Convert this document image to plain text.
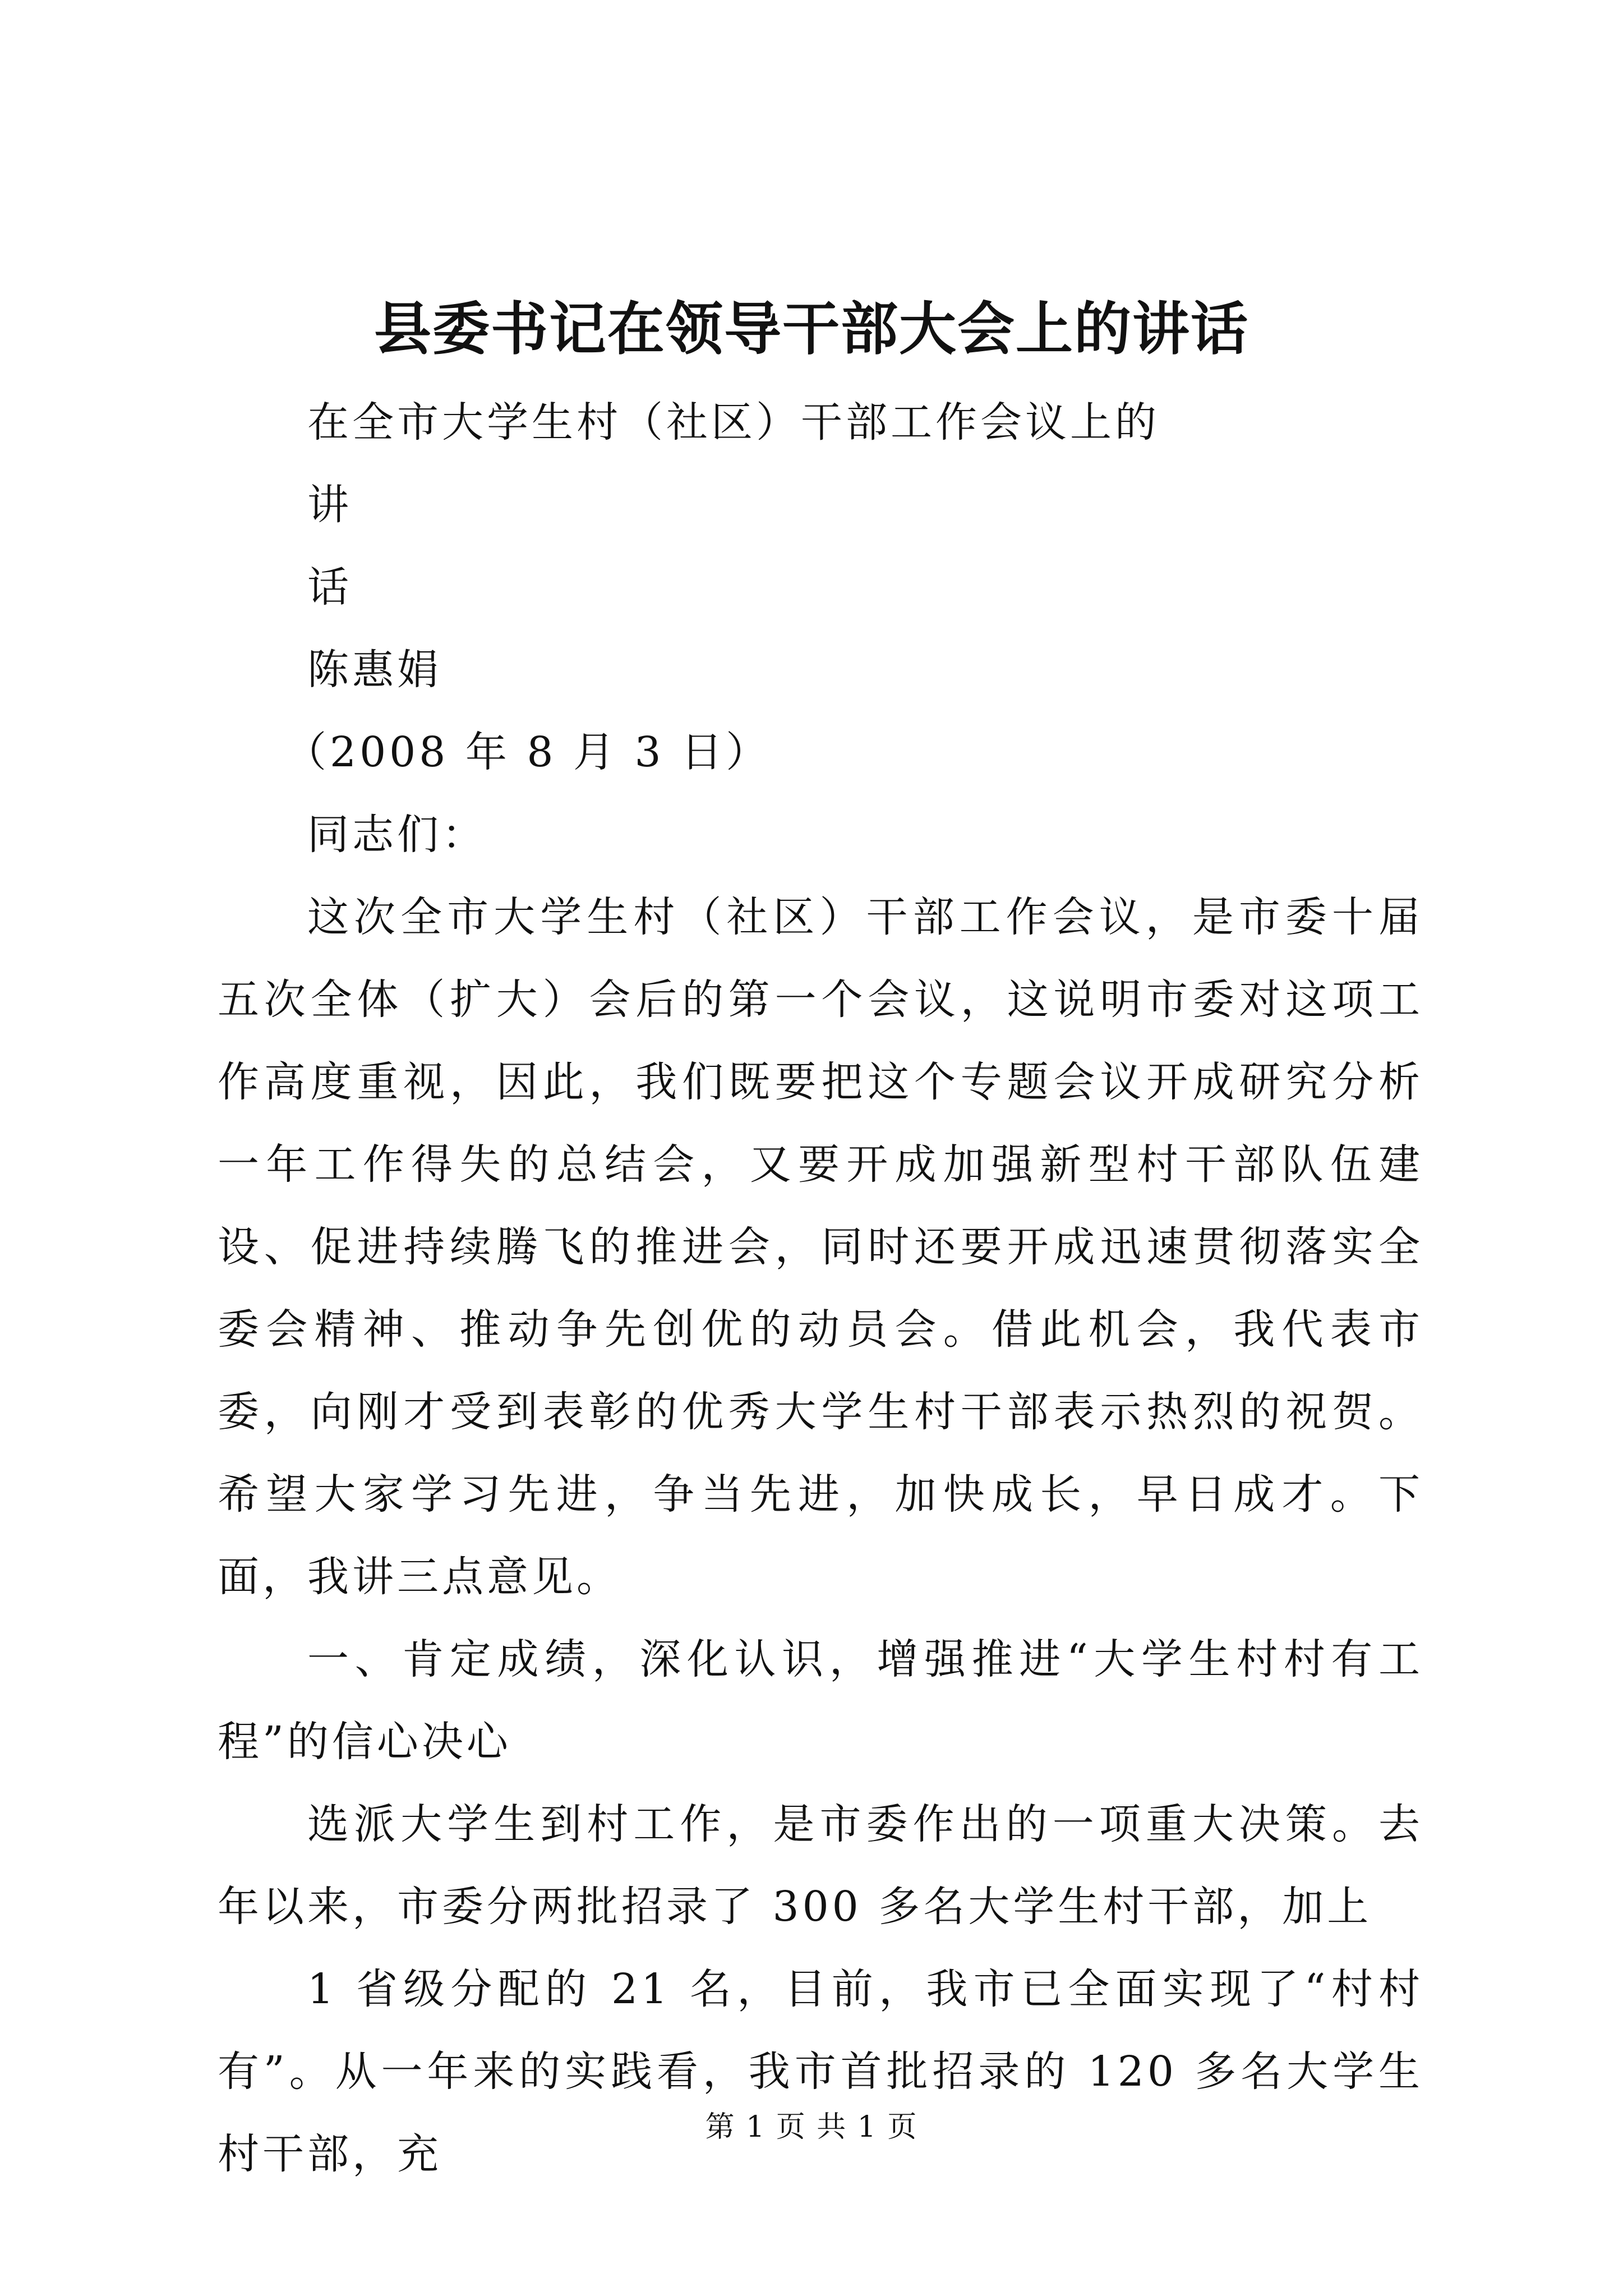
县委书记在领导干部大会上的讲话

在全市大学生村（社区）干部工作会议上的

讲

话

陈惠娟

（2008 年 8 月 3 日）

同志们：

这次全市大学生村（社区）干部工作会议，是市委十届五次全体（扩大）会后的第一个会议，这说明市委对这项工作高度重视，因此，我们既要把这个专题会议开成研究分析一年工作得失的总结会，又要开成加强新型村干部队伍建设、促进持续腾飞的推进会，同时还要开成迅速贯彻落实全委会精神、推动争先创优的动员会。借此机会，我代表市委，向刚才受到表彰的优秀大学生村干部表示热烈的祝贺。希望大家学习先进，争当先进，加快成长，早日成才。下面，我讲三点意见。

一、肯定成绩，深化认识，增强推进“大学生村村有工程”的信心决心

选派大学生到村工作，是市委作出的一项重大决策。去年以来，市委分两批招录了 300 多名大学生村干部，加上

1 省级分配的 21 名，目前，我市已全面实现了“村村有”。从一年来的实践看，我市首批招录的 120 多名大学生村干部，充

第 1 页 共 1 页
